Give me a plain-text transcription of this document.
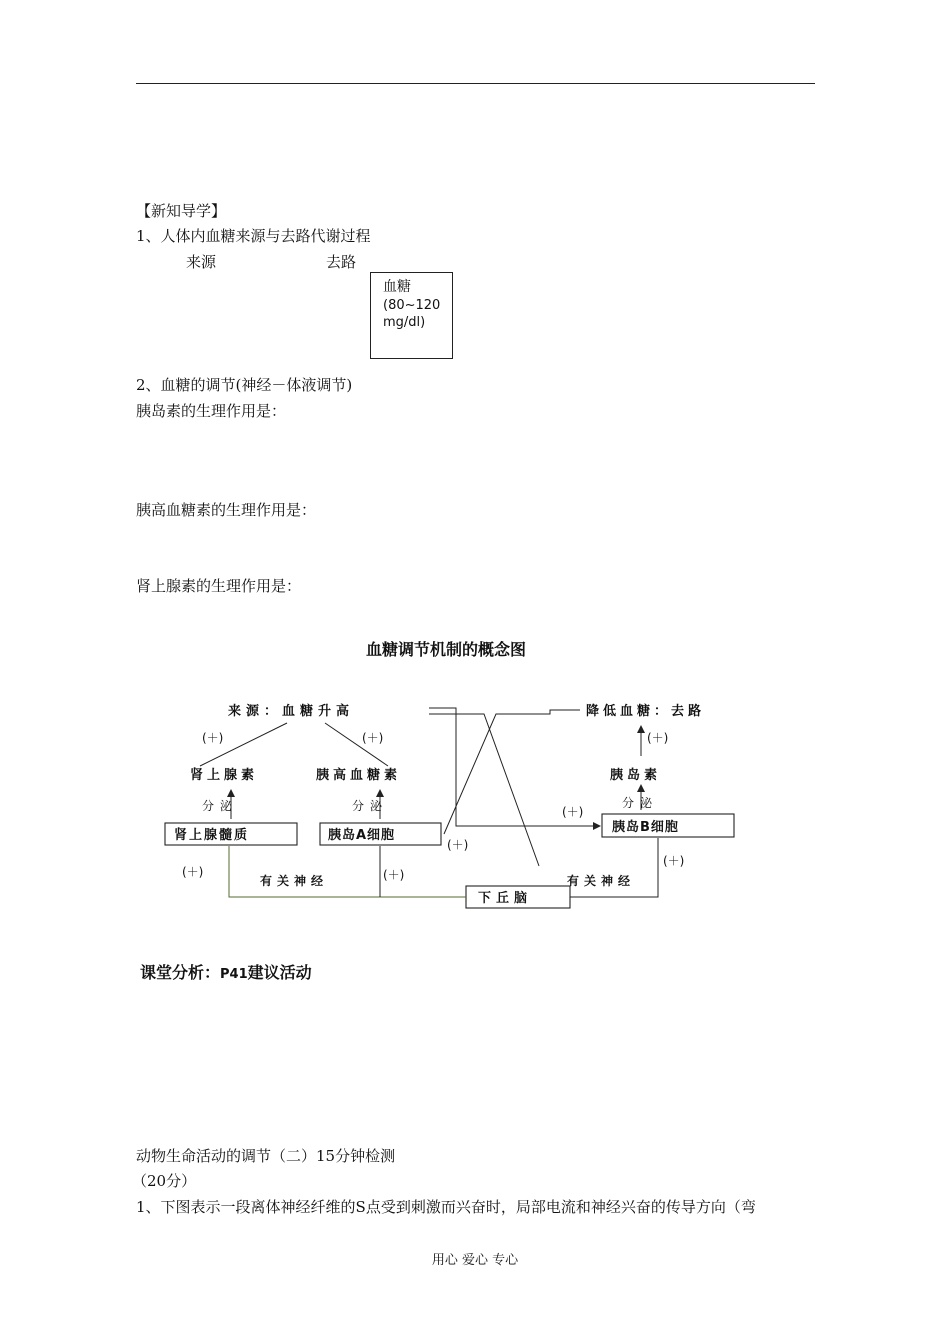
【新知导学】
1、人体内血糖来源与去路代谢过程
来源	去路
血糖
(80~120
mg/dl)
2、血糖的调节(神经－体液调节)
胰岛素的生理作用是：
胰高血糖素的生理作用是：
肾上腺素的生理作用是：
血糖调节机制的概念图
来源：血糖升高	降低血糖：去路
(＋)	(＋)	(＋)
(＋)
(＋)
(＋)	(＋)
(＋)
肾上腺素	胰高血糖素	胰岛素
分泌	分泌	分泌
肾上腺髓质	胰岛A细胞
胰岛B细胞
下丘脑
有关神经	有关神经
课堂分析：P41建议活动
动物生命活动的调节（二）15分钟检测
（20分）
1、下图表示一段离体神经纤维的S点受到刺激而兴奋时，局部电流和神经兴奋的传导方向（弯
用心 爱心 专心
